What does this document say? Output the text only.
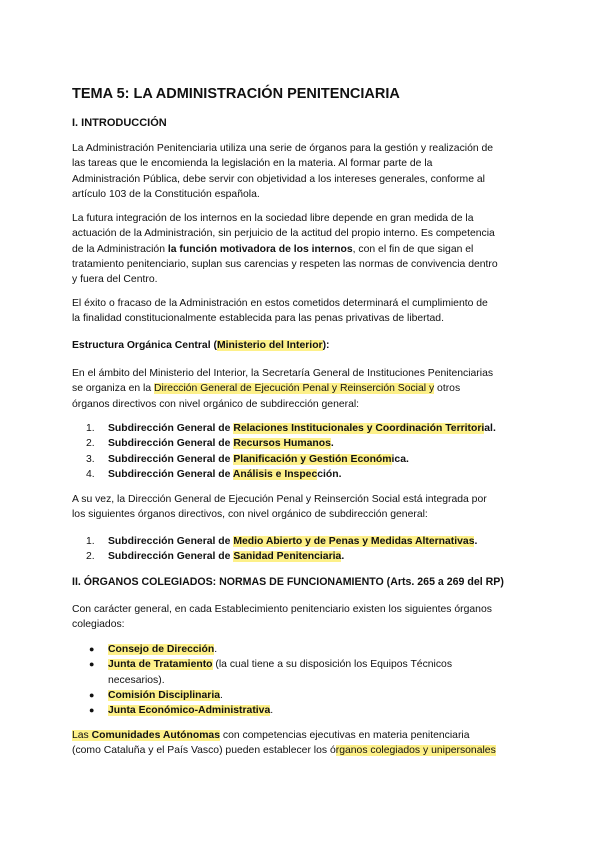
TEMA 5: LA ADMINISTRACIÓN PENITENCIARIA
I. INTRODUCCIÓN
La Administración Penitenciaria utiliza una serie de órganos para la gestión y realización de
las tareas que le encomienda la legislación en la materia. Al formar parte de la
Administración Pública, debe servir con objetividad a los intereses generales, conforme al
artículo 103 de la Constitución española.
La futura integración de los internos en la sociedad libre depende en gran medida de la
actuación de la Administración, sin perjuicio de la actitud del propio interno. Es competencia
de la Administración la función motivadora de los internos, con el fin de que sigan el
tratamiento penitenciario, suplan sus carencias y respeten las normas de convivencia dentro
y fuera del Centro.
El éxito o fracaso de la Administración en estos cometidos determinará el cumplimiento de
la finalidad constitucionalmente establecida para las penas privativas de libertad.
Estructura Orgánica Central (Ministerio del Interior):
En el ámbito del Ministerio del Interior, la Secretaría General de Instituciones Penitenciarias
se organiza en la Dirección General de Ejecución Penal y Reinserción Social y otros
órganos directivos con nivel orgánico de subdirección general:
1. Subdirección General de Relaciones Institucionales y Coordinación Territorial.
2. Subdirección General de Recursos Humanos.
3. Subdirección General de Planificación y Gestión Económica.
4. Subdirección General de Análisis e Inspección.
A su vez, la Dirección General de Ejecución Penal y Reinserción Social está integrada por
los siguientes órganos directivos, con nivel orgánico de subdirección general:
1. Subdirección General de Medio Abierto y de Penas y Medidas Alternativas.
2. Subdirección General de Sanidad Penitenciaria.
II. ÓRGANOS COLEGIADOS: NORMAS DE FUNCIONAMIENTO (Arts. 265 a 269 del RP)
Con carácter general, en cada Establecimiento penitenciario existen los siguientes órganos
colegiados:
● Consejo de Dirección.
● Junta de Tratamiento (la cual tiene a su disposición los Equipos Técnicos
necesarios).
● Comisión Disciplinaria.
● Junta Económico-Administrativa.
Las Comunidades Autónomas con competencias ejecutivas en materia penitenciaria
(como Cataluña y el País Vasco) pueden establecer los órganos colegiados y unipersonales
